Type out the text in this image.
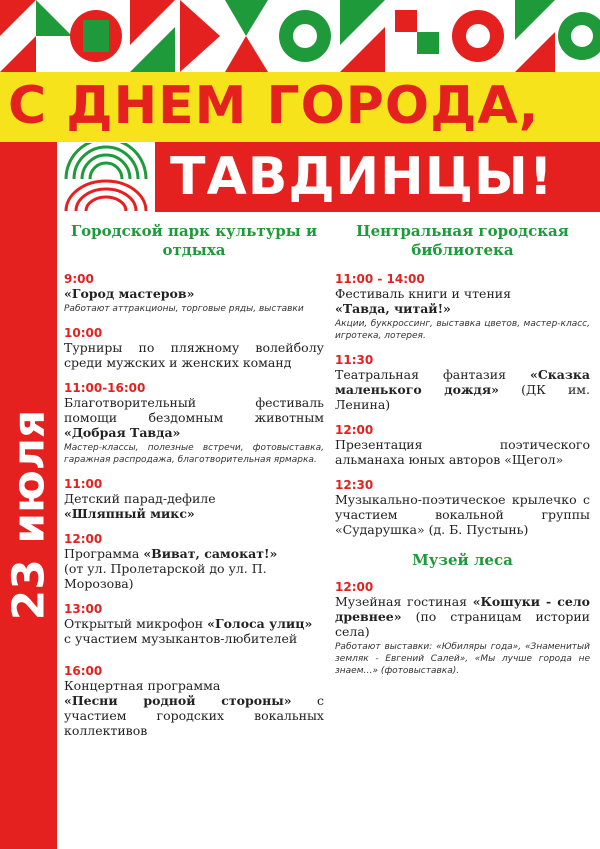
С ДНЕМ ГОРОДА,
ТАВДИНЦЫ!
23 июля
Городской парк культуры и отдыха
9:00
«Город мастеров»
Работают аттракционы, торговые ряды, выставки
10:00
Турниры по пляжному волейболу среди мужских и женских команд
11:00-16:00
Благотворительный фестиваль помощи бездомным животным «Добрая Тавда»
Мастер-классы, полезные встречи, фотовыставка, гаражная распродажа, благотворительная ярмарка.
11:00
Детский парад-дефиле
«Шляпный микс»
12:00
Программа «Виват, самокат!»
(от ул. Пролетарской до ул. П. Морозова)
13:00
Открытый микрофон «Голоса улиц»
с участием музыкантов-любителей
16:00
Концертная программа
«Песни родной стороны» с участием городских вокальных коллективов
Центральная городская библиотека
11:00 - 14:00
Фестиваль книги и чтения
«Тавда, читай!»
Акции, буккроссинг, выставка цветов, мастер-класс, игротека, лотерея.
11:30
Театральная фантазия «Сказка маленького дождя» (ДК им. Ленина)
12:00
Презентация поэтического альманаха юных авторов «Щегол»
12:30
Музыкально-поэтическое крылечко с участием вокальной группы «Сударушка» (д. Б. Пустынь)
Музей леса
12:00
Музейная гостиная «Кошуки - село древнее» (по страницам истории села)
Работают выставки: «Юбиляры года», «Знаменитый земляк - Евгений Салей», «Мы лучше города не знаем…» (фотовыставка).
